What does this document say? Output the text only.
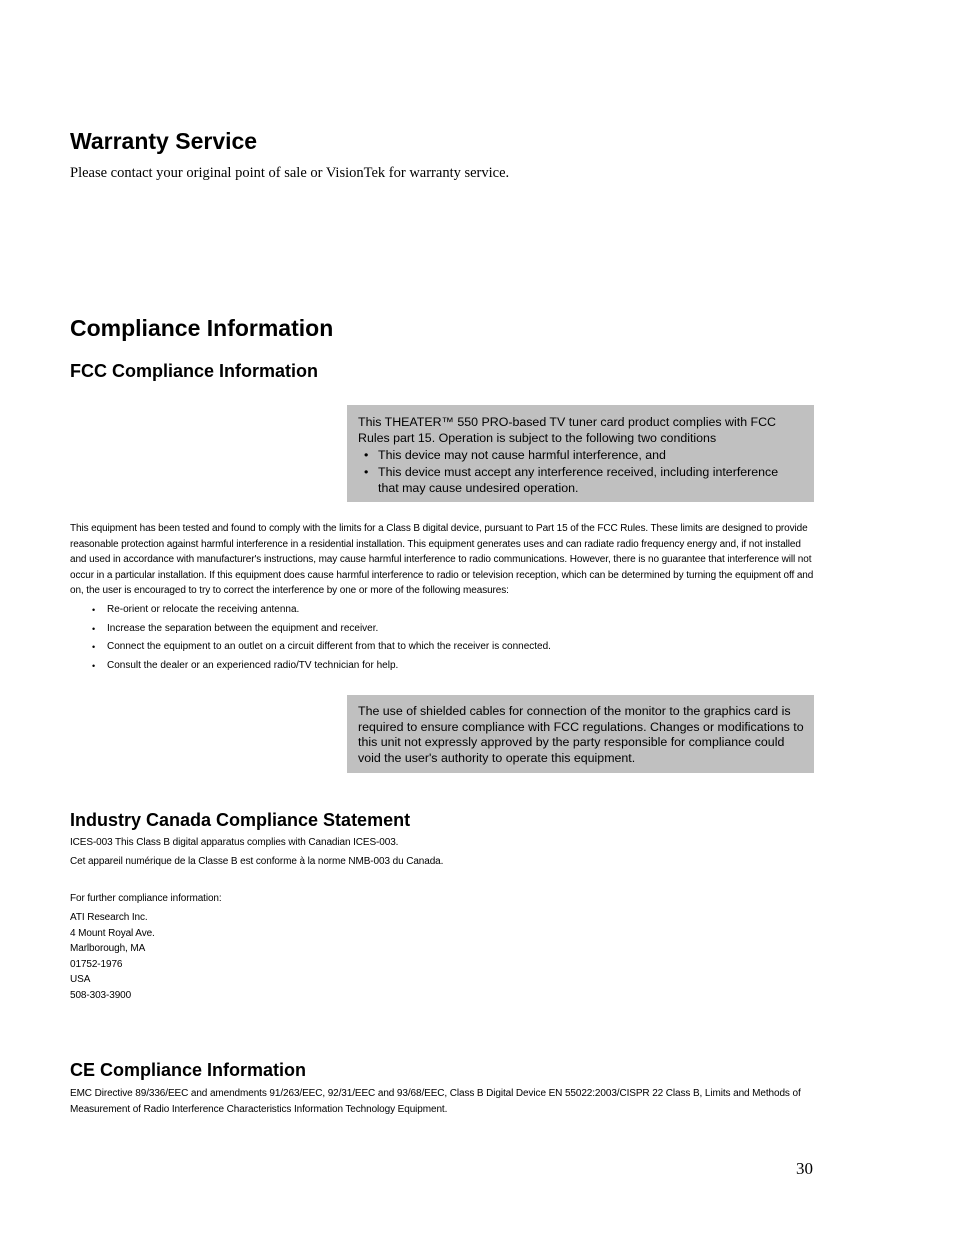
Warranty Service

Please contact your original point of sale or VisionTek for warranty service.

Compliance Information
FCC Compliance Information
This THEATER™ 550 PRO-based TV tuner card product complies with FCC Rules part 15. Operation is subject to the following two conditions
• This device may not cause harmful interference, and
• This device must accept any interference received, including interference that may cause undesired operation.

This equipment has been tested and found to comply with the limits for a Class B digital device, pursuant to Part 15 of the FCC Rules. These limits are designed to provide reasonable protection against harmful interference in a residential installation. This equipment generates uses and can radiate radio frequency energy and, if not installed and used in accordance with manufacturer's instructions, may cause harmful interference to radio communications. However, there is no guarantee that interference will not occur in a particular installation. If this equipment does cause harmful interference to radio or television reception, which can be determined by turning the equipment off and on, the user is encouraged to try to correct the interference by one or more of the following measures:

• Re-orient or relocate the receiving antenna.
• Increase the separation between the equipment and receiver.
• Connect the equipment to an outlet on a circuit different from that to which the receiver is connected.
• Consult the dealer or an experienced radio/TV technician for help.
The use of shielded cables for connection of the monitor to the graphics card is required to ensure compliance with FCC regulations. Changes or modifications to this unit not expressly approved by the party responsible for compliance could void the user's authority to operate this equipment.
Industry Canada Compliance Statement

ICES-003 This Class B digital apparatus complies with Canadian ICES-003.

Cet appareil numérique de la Classe B est conforme à la norme NMB-003 du Canada.

For further compliance information:

ATI Research Inc.
4 Mount Royal Ave.
Marlborough, MA
01752-1976
USA
508-303-3900
CE Compliance Information

EMC Directive 89/336/EEC and amendments 91/263/EEC, 92/31/EEC and 93/68/EEC, Class B Digital Device EN 55022:2003/CISPR 22 Class B, Limits and Methods of Measurement of Radio Interference Characteristics Information Technology Equipment.

30
